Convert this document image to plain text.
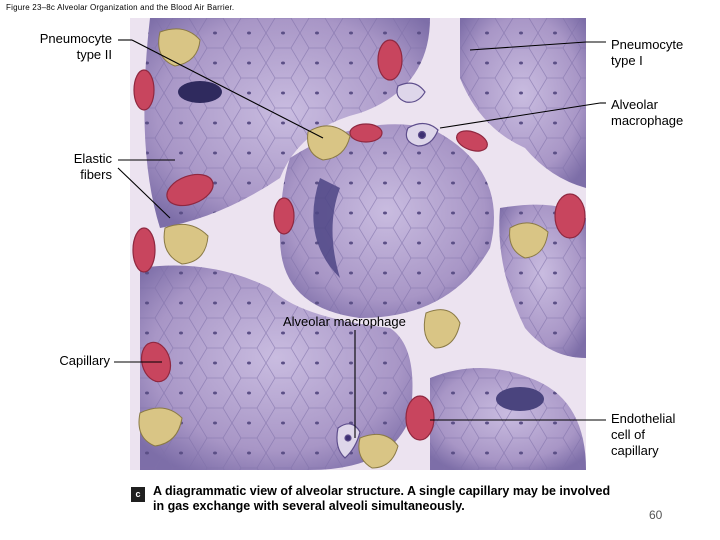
Figure 23–8c Alveolar Organization and the Blood Air Barrier.
Pneumocyte
type II
Pneumocyte
type I
Alveolar
macrophage
Elastic
fibers
Alveolar macrophage
Capillary
Endothelial
cell of
capillary
c	A diagrammatic view of alveolar structure. A single capillary may be involved in gas exchange with several alveoli simultaneously.
60
